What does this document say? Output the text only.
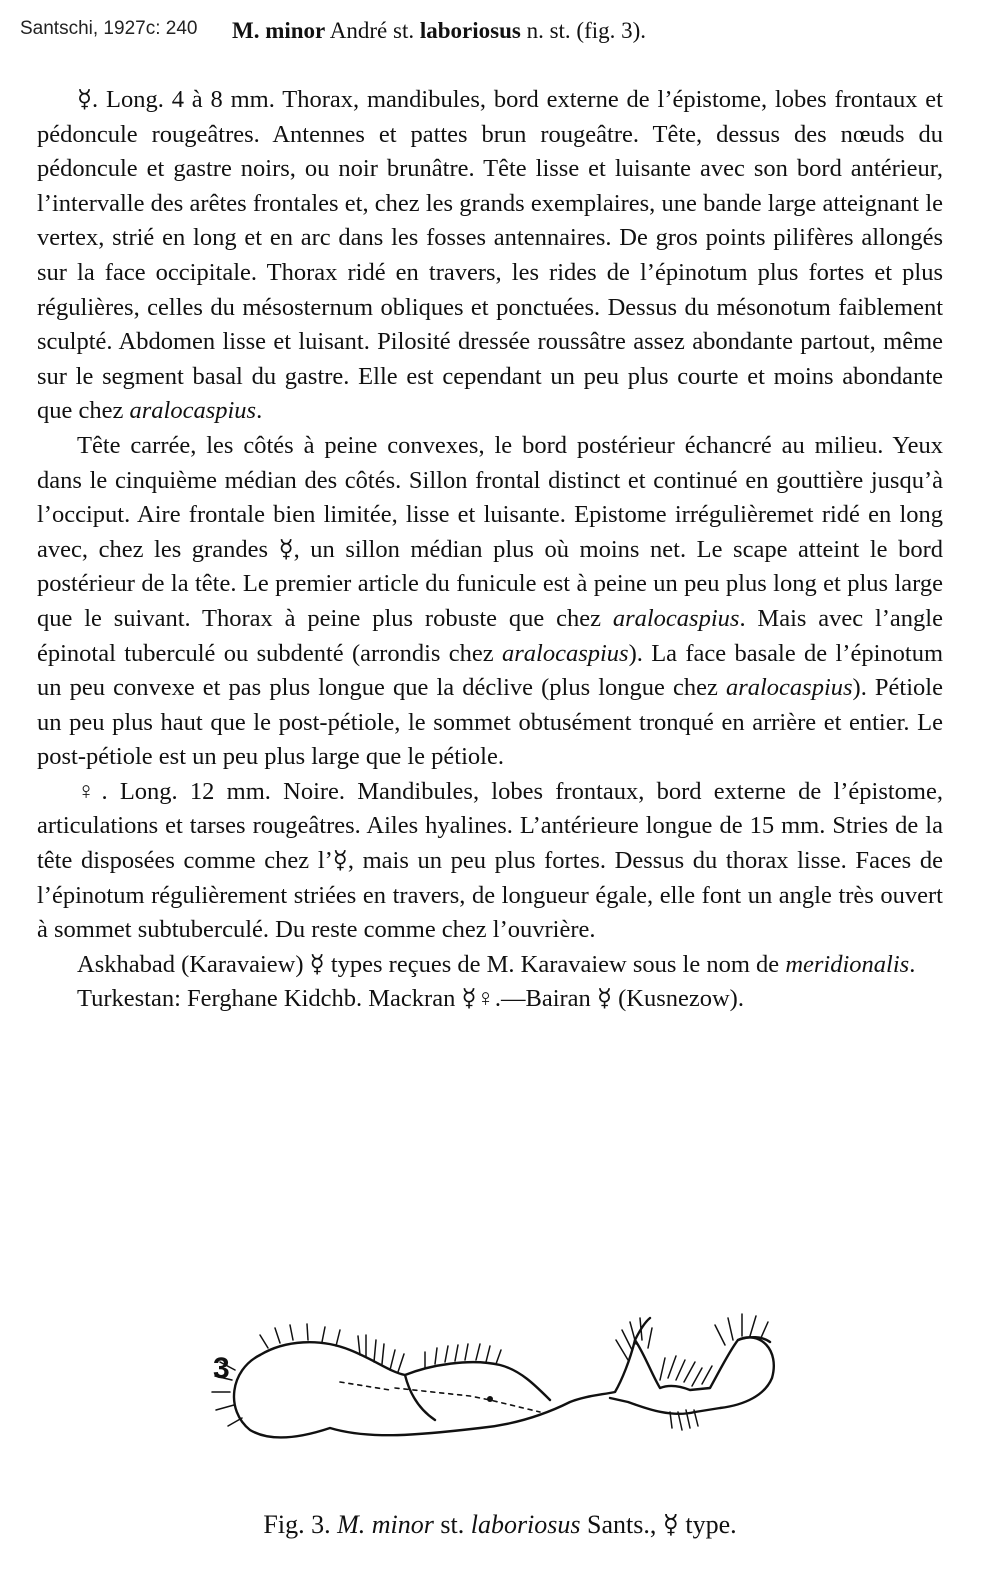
Santschi, 1927c: 240 M. minor André st. laboriosus n. st. (fig. 3).

☿. Long. 4 à 8 mm. Thorax, mandibules, bord externe de l’épistome, lobes frontaux et pédoncule rougeâtres. Antennes et pattes brun rougeâtre. Tête, dessus des nœuds du pédoncule et gastre noirs, ou noir brunâtre. Tête lisse et luisante avec son bord antérieur, l’intervalle des arêtes frontales et, chez les grands exemplaires, une bande large atteignant le vertex, strié en long et en arc dans les fosses antennaires. De gros points pilifères allongés sur la face occipitale. Thorax ridé en travers, les rides de l’épinotum plus fortes et plus régulières, celles du mésosternum obliques et ponctuées. Dessus du mésonotum faiblement sculpté. Abdomen lisse et luisant. Pilosité dressée roussâtre assez abondante partout, même sur le segment basal du gastre. Elle est cependant un peu plus courte et moins abondante que chez aralocaspius.

Tête carrée, les côtés à peine convexes, le bord postérieur échancré au milieu. Yeux dans le cinquième médian des côtés. Sillon frontal distinct et continué en gouttière jusqu’à l’occiput. Aire frontale bien limitée, lisse et luisante. Epistome irrégulièremet ridé en long avec, chez les grandes ☿, un sillon médian plus où moins net. Le scape atteint le bord postérieur de la tête. Le premier article du funicule est à peine un peu plus long et plus large que le suivant. Thorax à peine plus robuste que chez aralocaspius. Mais avec l’angle épinotal tuberculé ou subdenté (arrondis chez aralocaspius). La face basale de l’épinotum un peu convexe et pas plus longue que la déclive (plus longue chez aralocaspius). Pétiole un peu plus haut que le post-pétiole, le sommet obtusément tronqué en arrière et entier. Le post-pétiole est un peu plus large que le pétiole.

♀. Long. 12 mm. Noire. Mandibules, lobes frontaux, bord externe de l’épistome, articulations et tarses rougeâtres. Ailes hyalines. L’antérieure longue de 15 mm. Stries de la tête disposées comme chez l’☿, mais un peu plus fortes. Dessus du thorax lisse. Faces de l’épinotum régulièrement striées en travers, de longueur égale, elle font un angle très ouvert à sommet subtuberculé. Du reste comme chez l’ouvrière.

Askhabad (Karavaiew) ☿ types reçues de M. Karavaiew sous le nom de meridionalis.

Turkestan: Ferghane Kidchb. Mackran ☿♀.—Bairan ☿ (Kusnezow).

3
Fig. 3. M. minor st. laboriosus Sants., ☿ type.
